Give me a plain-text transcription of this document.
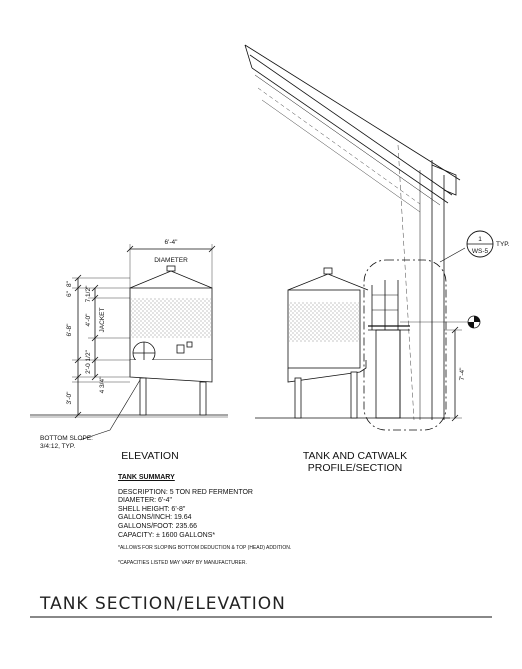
6'-4"
DIAMETER
8"
6" 7 1/2"
4'-0" JACKET
6'-8"
2'-0 1/2"
4 3/4"
3'-0"
BOTTOM SLOPE:
3/4:12, TYP.
ELEVATION
1
WS-5
TYP.
7'-4"
TANK AND CATWALK
PROFILE/SECTION
TANK SECTION/ELEVATION
TANK SUMMARY
DESCRIPTION: 5 TON RED FERMENTOR
DIAMETER: 6'-4"
SHELL HEIGHT: 6'-8"
GALLONS/INCH: 19.64
GALLONS/FOOT: 235.66
CAPACITY: ± 1600 GALLONS*
*ALLOWS FOR SLOPING BOTTOM DEDUCTION & TOP (HEAD) ADDITION.
*CAPACITIES LISTED MAY VARY BY MANUFACTURER.
